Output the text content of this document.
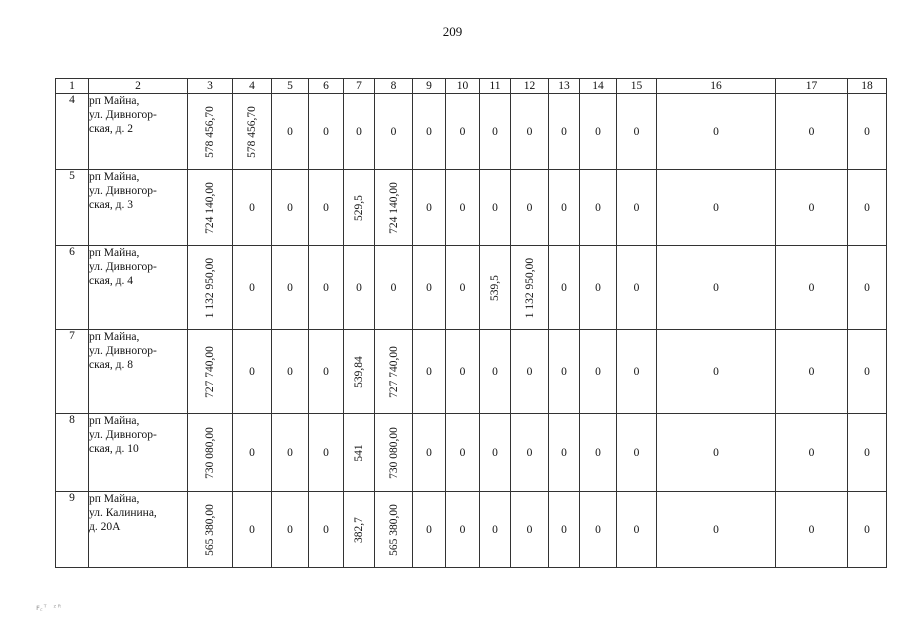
209
1	2	3	4	5	6	7	8	9	10	11	12	13	14	15	16	17	18
4	рп Майна,
ул. Дивногор-
ская, д. 2	578 456,70	578 456,70	0	0	0	0	0	0	0	0	0	0	0	0	0	0
5	рп Майна,
ул. Дивногор-
ская, д. 3	724 140,00	0	0	0	529,5	724 140,00	0	0	0	0	0	0	0	0	0	0
6	рп Майна,
ул. Дивногор-
ская, д. 4	1 132 950,00	0	0	0	0	0	0	0	539,5	1 132 950,00	0	0	0	0	0	0
7	рп Майна,
ул. Дивногор-
ская, д. 8	727 740,00	0	0	0	539,84	727 740,00	0	0	0	0	0	0	0	0	0	0
8	рп Майна,
ул. Дивногор-
ская, д. 10	730 080,00	0	0	0	541	730 080,00	0	0	0	0	0	0	0	0	0	0
9	рп Майна,
ул. Калинина,
д. 20А	565 380,00	0	0	0	382,7	565 380,00	0	0	0	0	0	0	0	0	0	0
ꜰ꜀ᵀ ᶻᴿ
